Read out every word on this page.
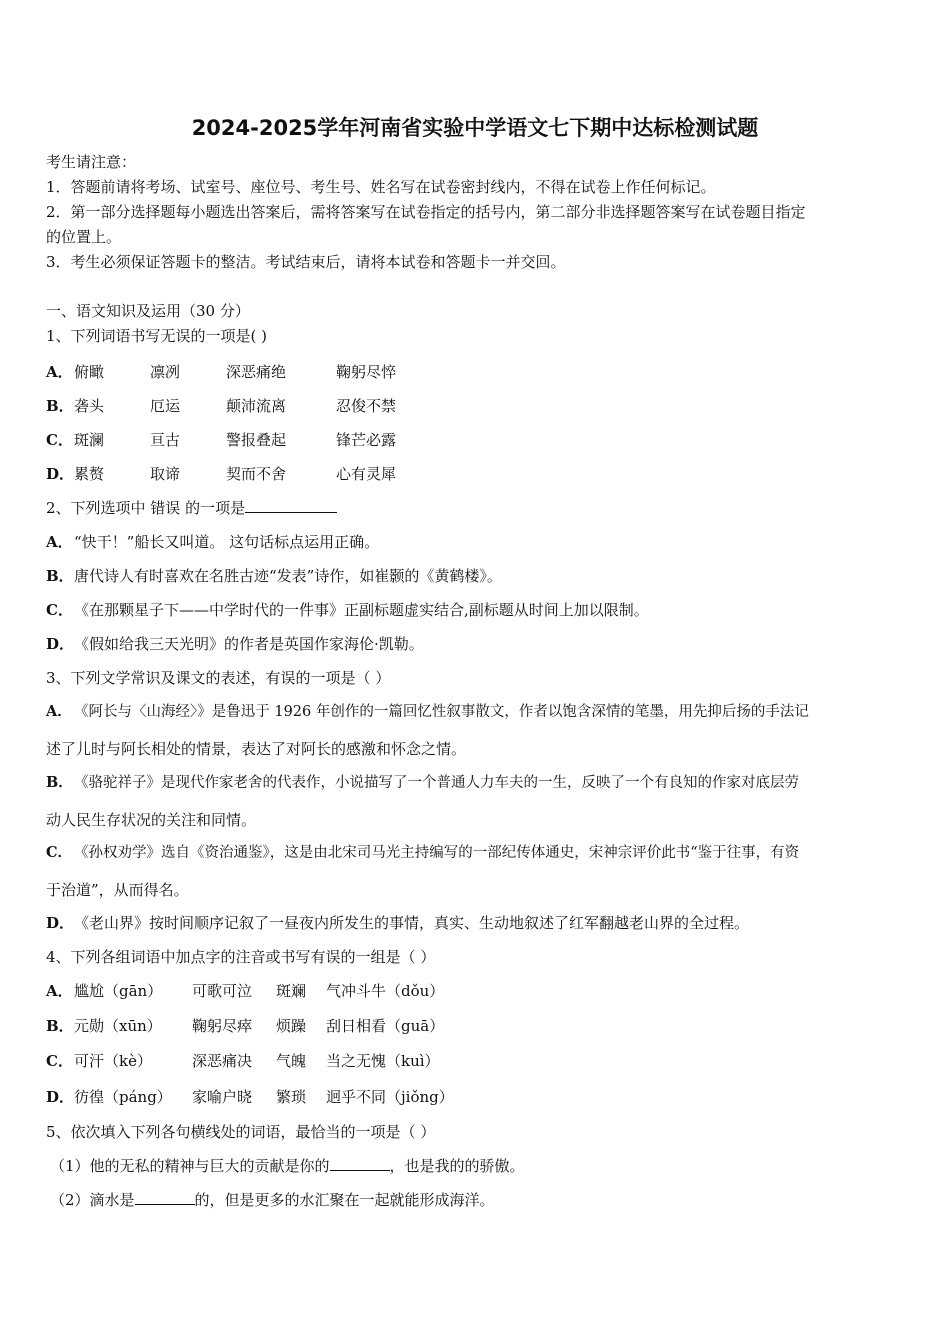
2024-2025学年河南省实验中学语文七下期中达标检测试题
考生请注意：
1．答题前请将考场、试室号、座位号、考生号、姓名写在试卷密封线内，不得在试卷上作任何标记。
2．第一部分选择题每小题选出答案后，需将答案写在试卷指定的括号内，第二部分非选择题答案写在试卷题目指定
的位置上。
3．考生必须保证答题卡的整洁。考试结束后，请将本试卷和答题卡一并交回。
一、语文知识及运用（30 分）
1、下列词语书写无误的一项是( )
A．俯瞰	凛冽	深恶痛绝	鞠躬尽悴
B．砻头	厄运	颠沛流离	忍俊不禁
C．斑澜	亘古	警报叠起	锋芒必露
D．累赘	取谛	契而不舍	心有灵犀
2、下列选项中 错误 的一项是
A．“快干！”船长又叫道。 这句话标点运用正确。
B．唐代诗人有时喜欢在名胜古迹“发表”诗作，如崔颢的《黄鹤楼》。
C．《在那颗星子下——中学时代的一件事》正副标题虚实结合,副标题从时间上加以限制。
D．《假如给我三天光明》的作者是英国作家海伦·凯勒。
3、下列文学常识及课文的表述，有误的一项是（ ）
A． 《阿长与〈山海经〉》是鲁迅于 1926 年创作的一篇回忆性叙事散文，作者以饱含深情的笔墨，用先抑后扬的手法记
述了儿时与阿长相处的情景，表达了对阿长的感激和怀念之情。
B．《骆驼祥子》是现代作家老舍的代表作，小说描写了一个普通人力车夫的一生，反映了一个有良知的作家对底层劳
动人民生存状况的关注和同情。
C． 《孙权劝学》选自《资治通鉴》，这是由北宋司马光主持编写的一部纪传体通史，宋神宗评价此书“鉴于往事，有资
于治道”，从而得名。
D．《老山界》按时间顺序记叙了一昼夜内所发生的事情，真实、生动地叙述了红军翻越老山界的全过程。
4、下列各组词语中加点字的注音或书写有误的一组是（ ）
A．尴尬（gān） 可歌可泣 斑斓 气冲斗牛（dǒu）
B．元勋（xūn） 鞠躬尽瘁 烦躁 刮日相看（guā）
C．可汗（kè）	深恶痛决 气魄 当之无愧（kuì）
D．彷徨（páng） 家喻户晓 繁琐 迥乎不同（jiǒng）
5、依次填入下列各句横线处的词语，最恰当的一项是（ ）
（1）他的无私的精神与巨大的贡献是你的	，也是我的的骄傲。
（2）滴水是	的，但是更多的水汇聚在一起就能形成海洋。
